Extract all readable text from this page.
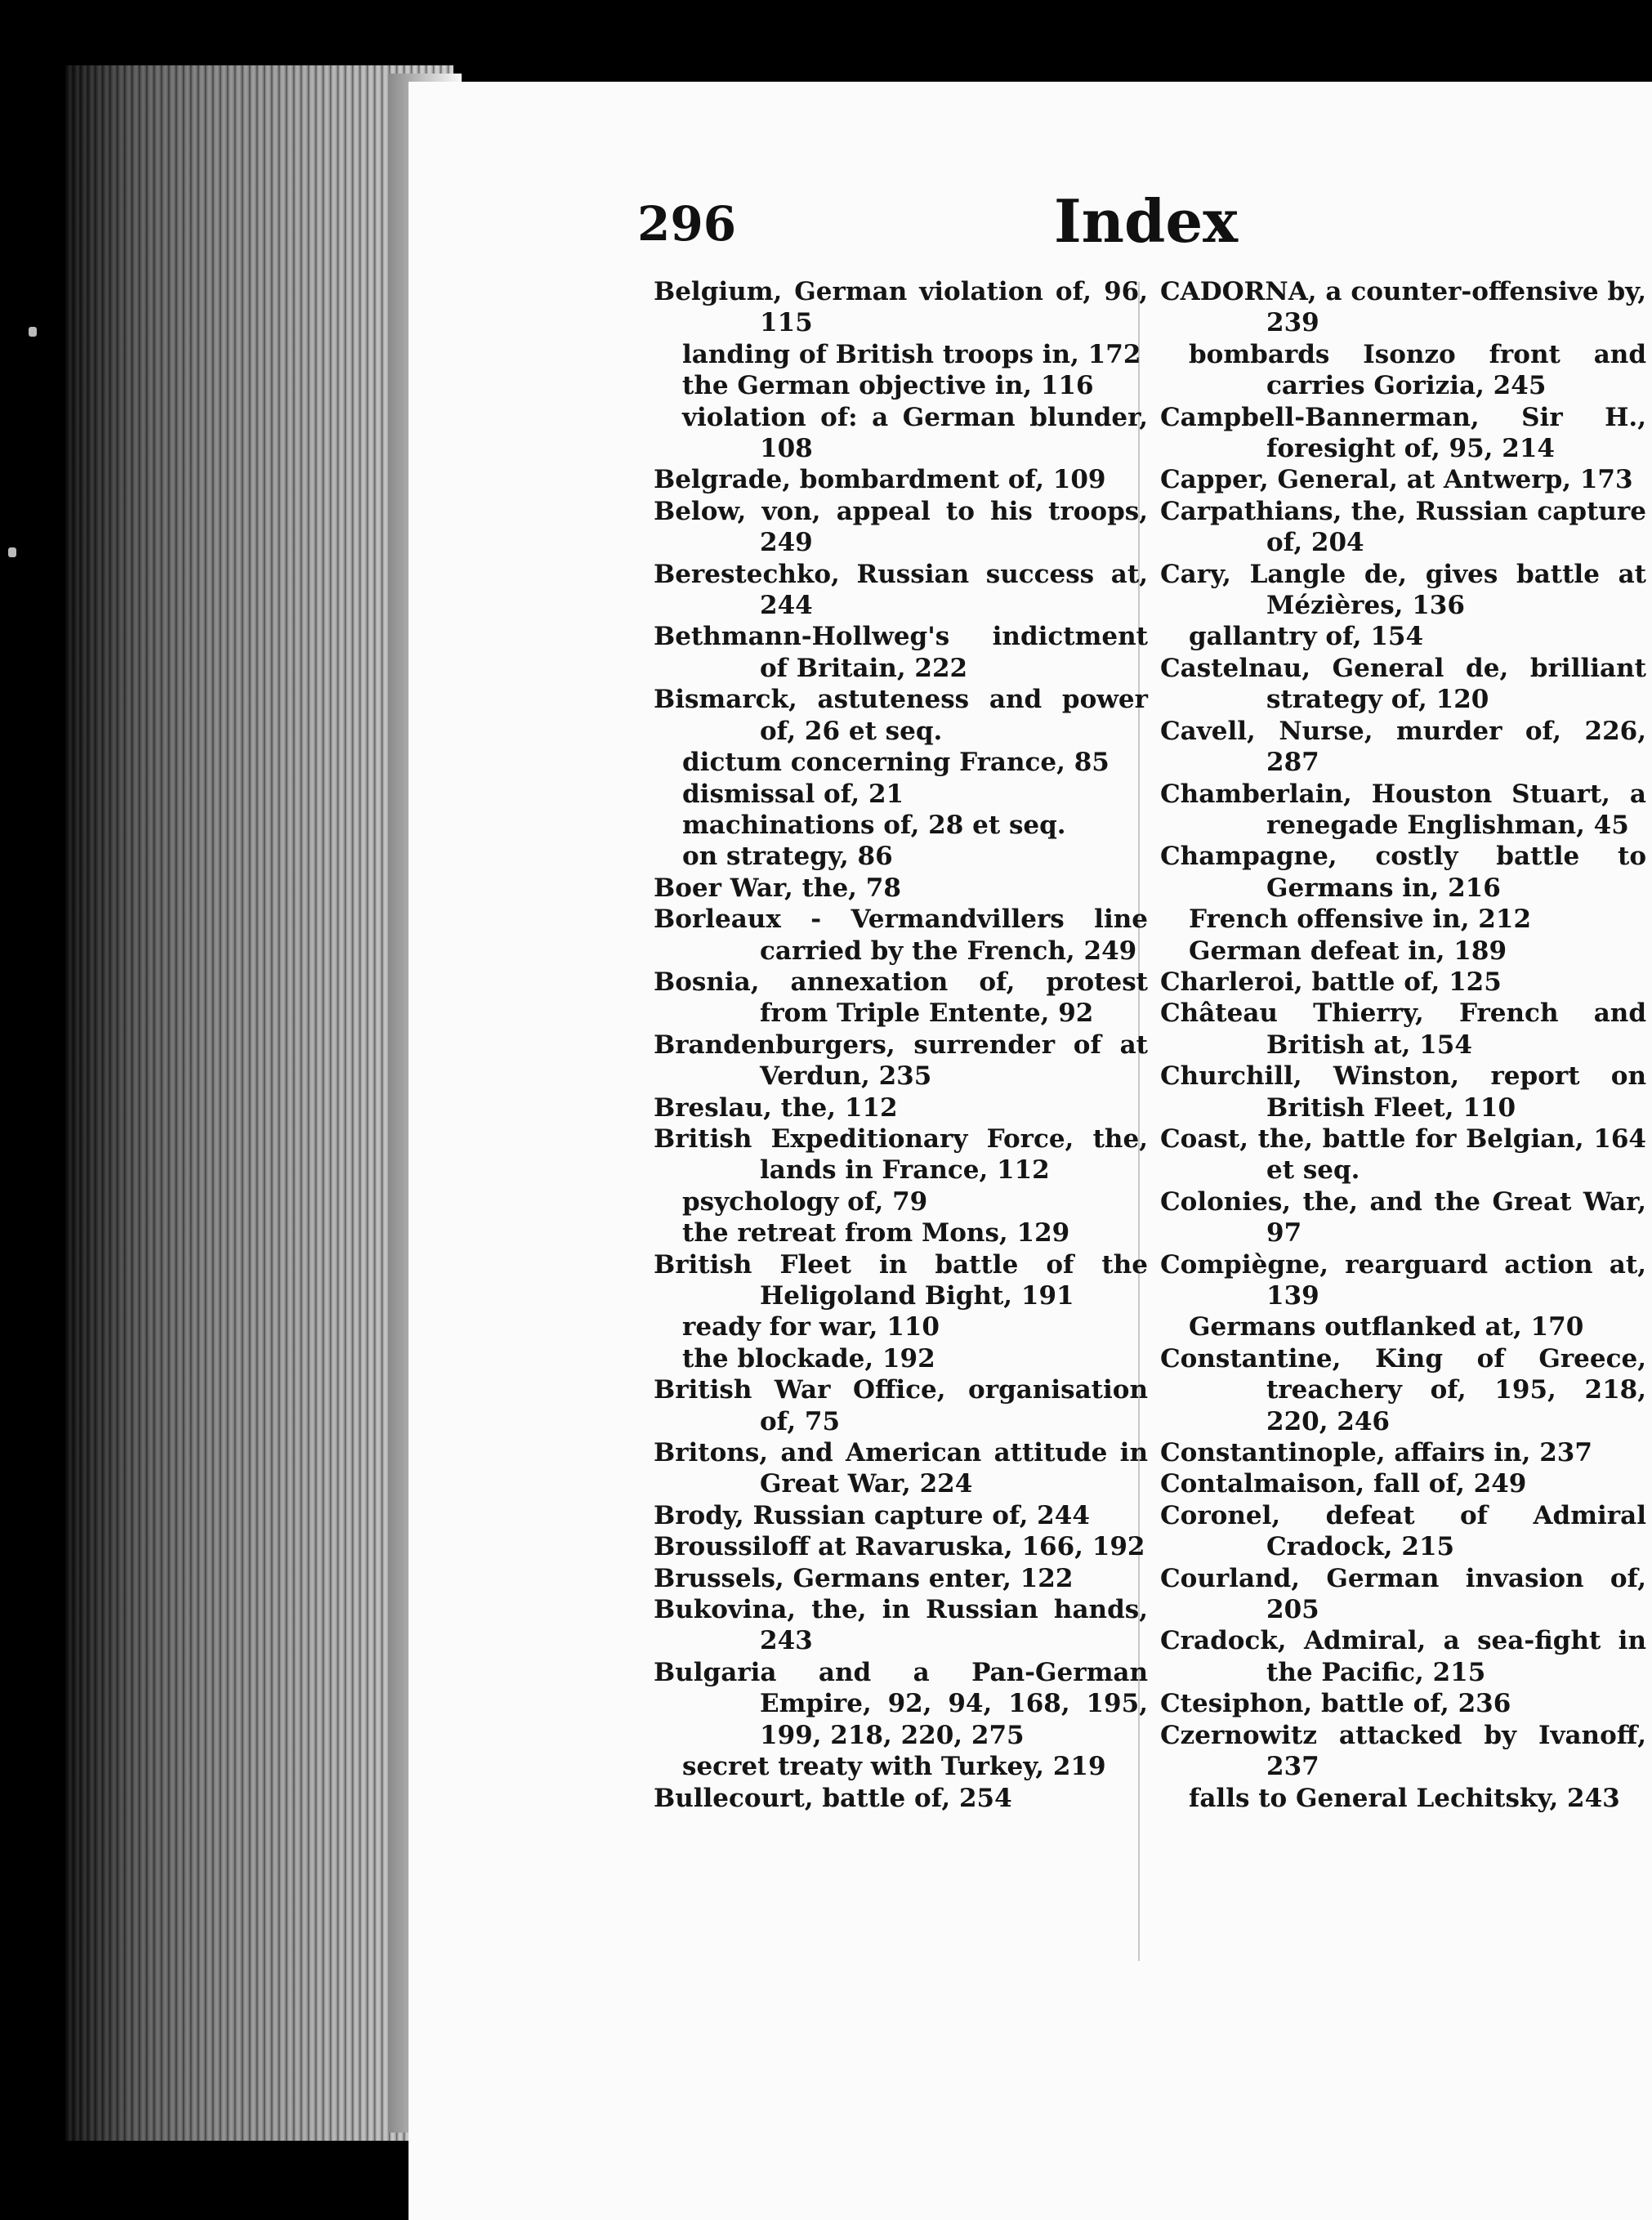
296	Index
Belgium, German violation of, 96, 115
landing of British troops in, 172
the German objective in, 116
violation of: a German blunder, 108
Belgrade, bombardment of, 109
Below, von, appeal to his troops, 249
Berestechko, Russian success at, 244
Bethmann-Hollweg's indictment of Britain, 222
Bismarck, astuteness and power of, 26 et seq.
dictum concerning France, 85
dismissal of, 21
machinations of, 28 et seq.
on strategy, 86
Boer War, the, 78
Borleaux - Vermandvillers line carried by the French, 249
Bosnia, annexation of, protest from Triple Entente, 92
Brandenburgers, surrender of at Verdun, 235
Breslau, the, 112
British Expeditionary Force, the, lands in France, 112
psychology of, 79
the retreat from Mons, 129
British Fleet in battle of the Heligoland Bight, 191
ready for war, 110
the blockade, 192
British War Office, organisation of, 75
Britons, and American attitude in Great War, 224
Brody, Russian capture of, 244
Broussiloff at Ravaruska, 166, 192
Brussels, Germans enter, 122
Bukovina, the, in Russian hands, 243
Bulgaria and a Pan-German Empire, 92, 94, 168, 195, 199, 218, 220, 275
secret treaty with Turkey, 219
Bullecourt, battle of, 254
CADORNA, a counter-offensive by, 239
bombards Isonzo front and carries Gorizia, 245
Campbell-Bannerman, Sir H., foresight of, 95, 214
Capper, General, at Antwerp, 173
Carpathians, the, Russian capture of, 204
Cary, Langle de, gives battle at Mézières, 136
gallantry of, 154
Castelnau, General de, brilliant strategy of, 120
Cavell, Nurse, murder of, 226, 287
Chamberlain, Houston Stuart, a renegade Englishman, 45
Champagne, costly battle to Germans in, 216
French offensive in, 212
German defeat in, 189
Charleroi, battle of, 125
Château Thierry, French and British at, 154
Churchill, Winston, report on British Fleet, 110
Coast, the, battle for Belgian, 164 et seq.
Colonies, the, and the Great War, 97
Compiègne, rearguard action at, 139
Germans outflanked at, 170
Constantine, King of Greece, treachery of, 195, 218, 220, 246
Constantinople, affairs in, 237
Contalmaison, fall of, 249
Coronel, defeat of Admiral Cradock, 215
Courland, German invasion of, 205
Cradock, Admiral, a sea-fight in the Pacific, 215
Ctesiphon, battle of, 236
Czernowitz attacked by Ivanoff, 237
falls to General Lechitsky, 243
